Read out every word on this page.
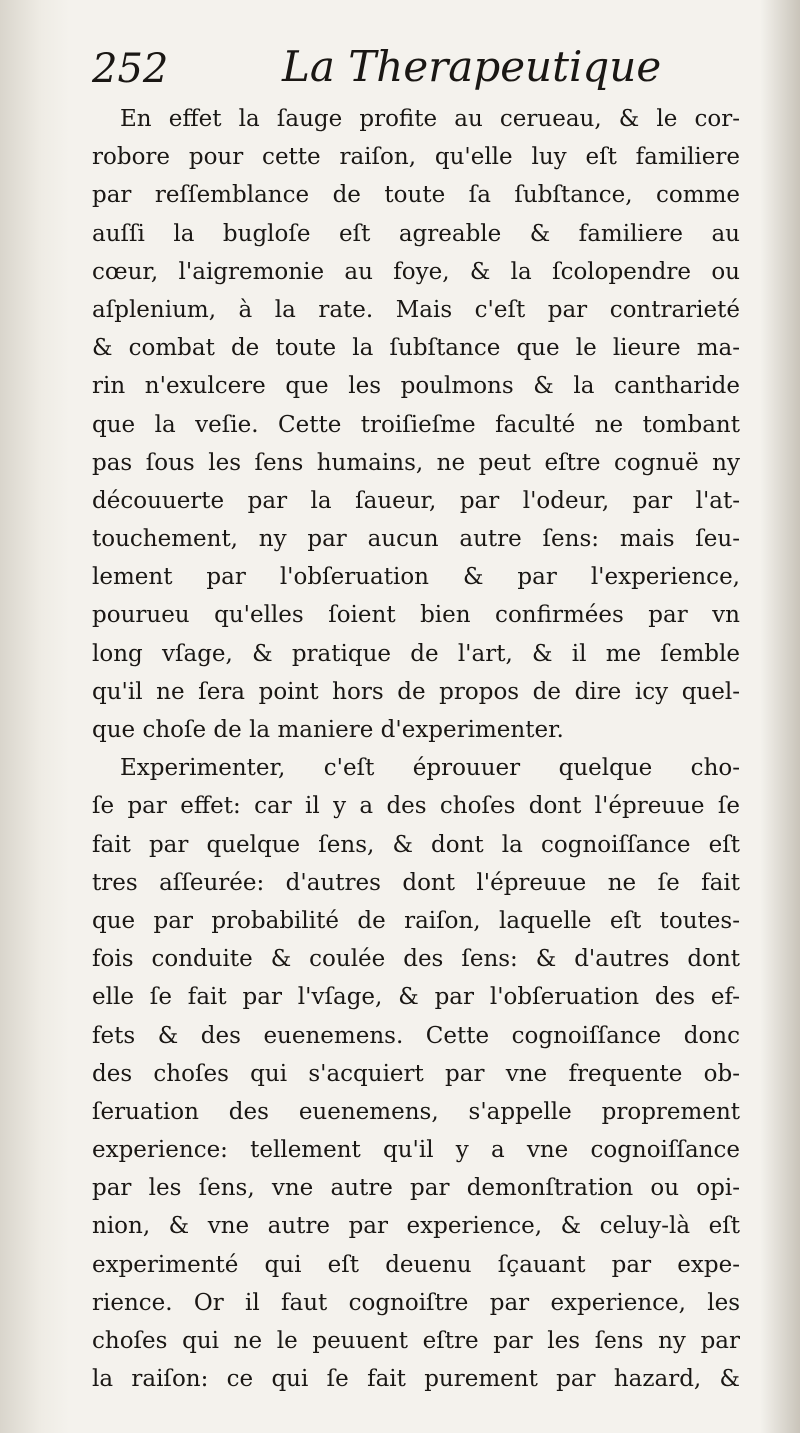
252	La Therapeutique
En effet la ſauge profite au cerueau, & le cor-
robore pour cette raiſon, qu'elle luy eſt familiere
par reſſemblance de toute ſa ſubſtance, comme
auſſi la bugloſe eſt agreable & familiere au
cœur, l'aigremonie au foye, & la ſcolopendre ou
aſplenium, à la rate. Mais c'eſt par contrarieté
& combat de toute la ſubſtance que le lieure ma-
rin n'exulcere que les poulmons & la cantharide
que la veſie. Cette troiſieſme faculté ne tombant
pas ſous les ſens humains, ne peut eſtre cognuë ny
découuerte par la ſaueur, par l'odeur, par l'at-
touchement, ny par aucun autre ſens: mais ſeu-
lement par l'obſeruation & par l'experience,
pourueu qu'elles ſoient bien confirmées par vn
long vſage, & pratique de l'art, & il me ſemble
qu'il ne ſera point hors de propos de dire icy quel-
que choſe de la maniere d'experimenter.
Experimenter, c'eſt éprouuer quelque cho-
ſe par effet: car il y a des choſes dont l'épreuue ſe
fait par quelque ſens, & dont la cognoiſſance eſt
tres aſſeurée: d'autres dont l'épreuue ne ſe fait
que par probabilité de raiſon, laquelle eſt toutes-
fois conduite & coulée des ſens: & d'autres dont
elle ſe fait par l'vſage, & par l'obſeruation des ef-
fets & des euenemens. Cette cognoiſſance donc
des choſes qui s'acquiert par vne frequente ob-
ſeruation des euenemens, s'appelle proprement
experience: tellement qu'il y a vne cognoiſſance
par les ſens, vne autre par demonſtration ou opi-
nion, & vne autre par experience, & celuy-là eſt
experimenté qui eſt deuenu ſçauant par expe-
rience. Or il faut cognoiſtre par experience, les
choſes qui ne le peuuent eſtre par les ſens ny par
la raiſon: ce qui ſe fait purement par hazard, &
